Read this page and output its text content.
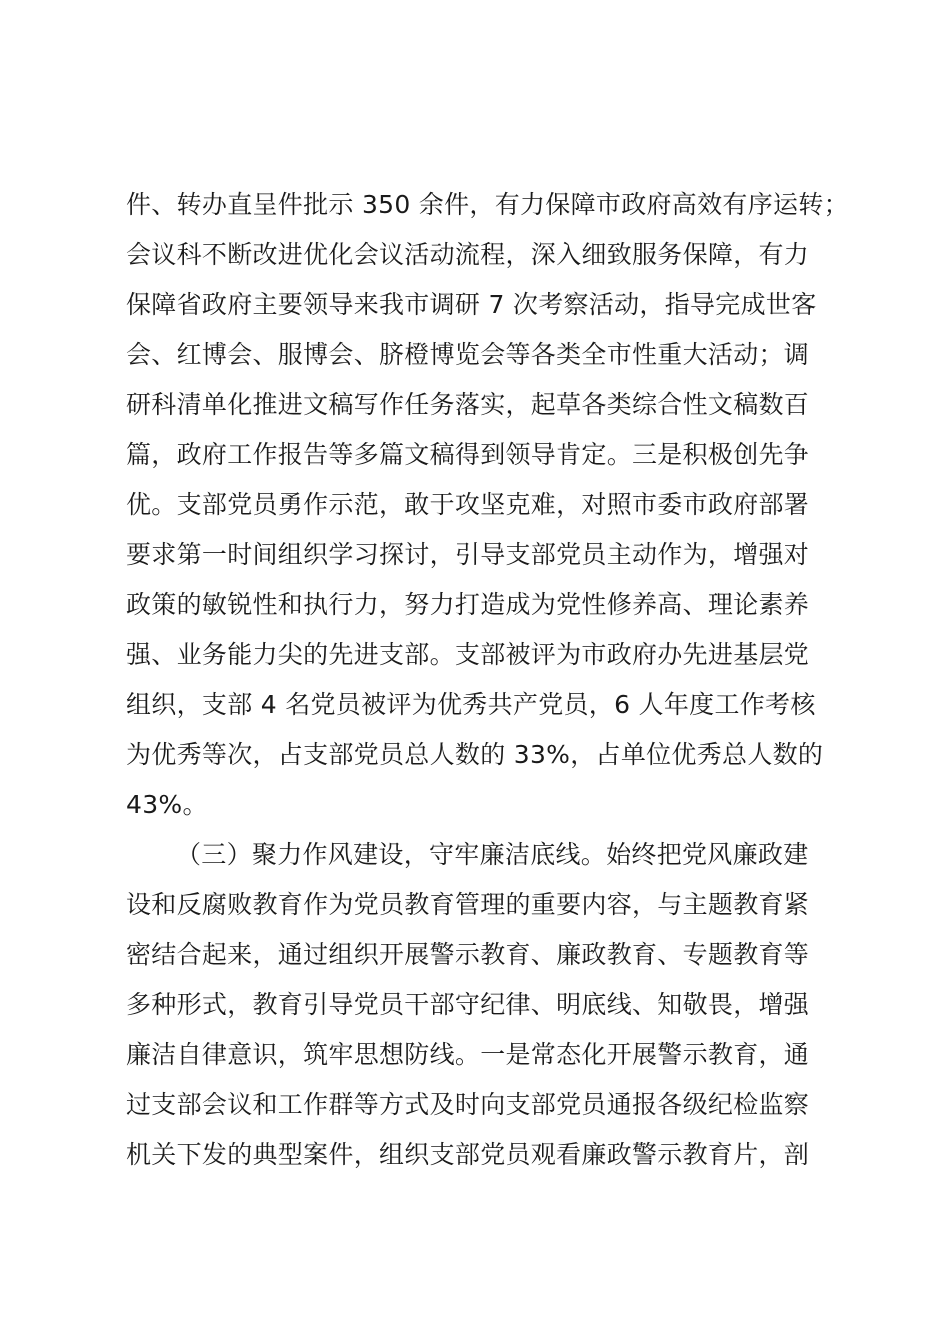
件、转办直呈件批示 350 余件，有力保障市政府高效有序运转；
会议科不断改进优化会议活动流程，深入细致服务保障，有力
保障省政府主要领导来我市调研 7 次考察活动，指导完成世客
会、红博会、服博会、脐橙博览会等各类全市性重大活动；调
研科清单化推进文稿写作任务落实，起草各类综合性文稿数百
篇，政府工作报告等多篇文稿得到领导肯定。三是积极创先争
优。支部党员勇作示范，敢于攻坚克难，对照市委市政府部署
要求第一时间组织学习探讨，引导支部党员主动作为，增强对
政策的敏锐性和执行力，努力打造成为党性修养高、理论素养
强、业务能力尖的先进支部。支部被评为市政府办先进基层党
组织，支部 4 名党员被评为优秀共产党员，6 人年度工作考核
为优秀等次，占支部党员总人数的 33%，占单位优秀总人数的
43%。
（三）聚力作风建设，守牢廉洁底线。始终把党风廉政建
设和反腐败教育作为党员教育管理的重要内容，与主题教育紧
密结合起来，通过组织开展警示教育、廉政教育、专题教育等
多种形式，教育引导党员干部守纪律、明底线、知敬畏，增强
廉洁自律意识，筑牢思想防线。一是常态化开展警示教育，通
过支部会议和工作群等方式及时向支部党员通报各级纪检监察
机关下发的典型案件，组织支部党员观看廉政警示教育片，剖
